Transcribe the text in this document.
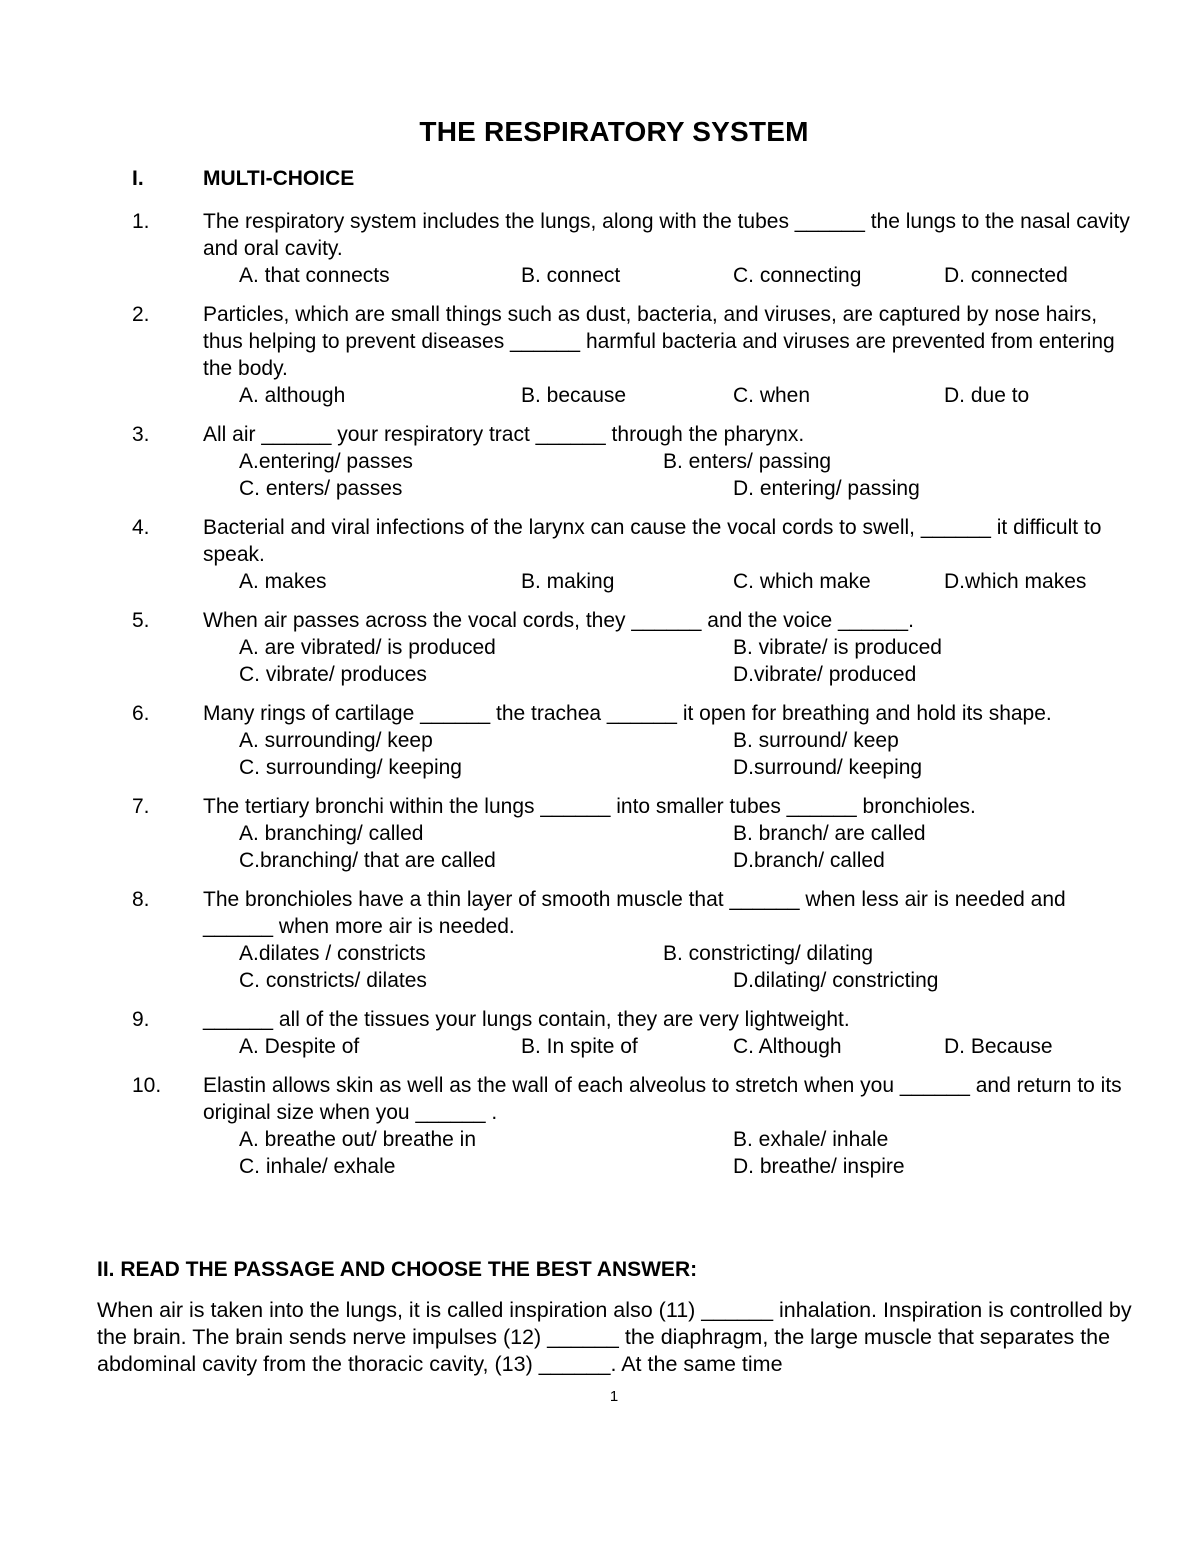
THE RESPIRATORY SYSTEM
I.	MULTI-CHOICE
1.	The respiratory system includes the lungs, along with the tubes ______ the lungs to the nasal cavity and oral cavity.
A. that connects	B. connect	C. connecting	D. connected
2.	Particles, which are small things such as dust, bacteria, and viruses, are captured by nose hairs, thus helping to prevent diseases ______ harmful bacteria and viruses are prevented from entering the body.
A. although	B. because	C. when	D. due to
3.	All air ______ your respiratory tract ______ through the pharynx.
A.entering/ passes	B. enters/ passing
C. enters/ passes	D. entering/ passing
4.	Bacterial and viral infections of the larynx can cause the vocal cords to swell, ______ it difficult to speak.
A. makes	B. making	C. which make	D.which makes
5.	When air passes across the vocal cords, they ______ and the voice ______.
A. are vibrated/ is produced	B. vibrate/ is produced
C. vibrate/ produces	D.vibrate/ produced
6.	Many rings of cartilage ______ the trachea ______ it open for breathing and hold its shape.
A. surrounding/ keep	B. surround/ keep
C. surrounding/ keeping	D.surround/ keeping
7.	The tertiary bronchi within the lungs ______ into smaller tubes ______ bronchioles.
A. branching/ called	B. branch/ are called
C.branching/ that are called	D.branch/ called
8.	The bronchioles have a thin layer of smooth muscle that ______ when less air is needed and ______ when more air is needed.
A.dilates / constricts	B. constricting/ dilating
C. constricts/ dilates	D.dilating/ constricting
9.	______ all of the tissues your lungs contain, they are very lightweight.
A. Despite of	B. In spite of	C. Although	D. Because
10. Elastin allows skin as well as the wall of each alveolus to stretch when you ______ and return to its original size when you ______ .
A. breathe out/ breathe in	B. exhale/ inhale
C. inhale/ exhale	D. breathe/ inspire
II. READ THE PASSAGE AND CHOOSE THE BEST ANSWER:
When air is taken into the lungs, it is called inspiration also (11) ______ inhalation. Inspiration is controlled by the brain. The brain sends nerve impulses (12) ______ the diaphragm, the large muscle that separates the abdominal cavity from the thoracic cavity, (13) ______. At the same time
1
